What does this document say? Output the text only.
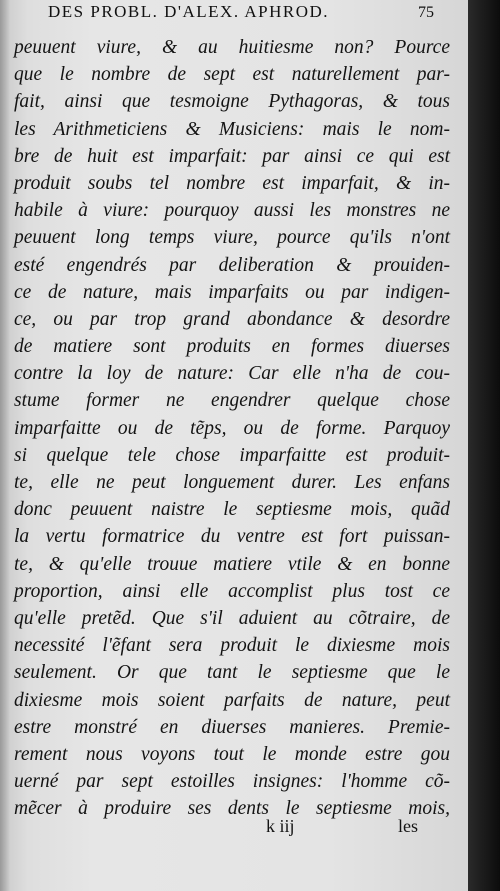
DES PROBL. D'ALEX. APHROD.	75
peuuent viure, & au huitiesme non? Pource
que le nombre de sept est naturellement par-
fait, ainsi que tesmoigne Pythagoras, & tous
les Arithmeticiens & Musiciens: mais le nom-
bre de huit est imparfait: par ainsi ce qui est
produit soubs tel nombre est imparfait, & in-
habile à viure: pourquoy aussi les monstres ne
peuuent long temps viure, pource qu'ils n'ont
esté engendrés par deliberation & prouiden-
ce de nature, mais imparfaits ou par indigen-
ce, ou par trop grand abondance & desordre
de matiere sont produits en formes diuerses
contre la loy de nature: Car elle n'ha de cou-
stume former ne engendrer quelque chose
imparfaitte ou de tẽps, ou de forme. Parquoy
si quelque tele chose imparfaitte est produit-
te, elle ne peut longuement durer. Les enfans
donc peuuent naistre le septiesme mois, quãd
la vertu formatrice du ventre est fort puissan-
te, & qu'elle trouue matiere vtile & en bonne
proportion, ainsi elle accomplist plus tost ce
qu'elle pretẽd. Que s'il aduient au cõtraire, de
necessité l'ẽfant sera produit le dixiesme mois
seulement. Or que tant le septiesme que le
dixiesme mois soient parfaits de nature, peut
estre monstré en diuerses manieres. Premie-
rement nous voyons tout le monde estre gou
uerné par sept estoilles insignes: l'homme cõ-
mẽcer à produire ses dents le septiesme mois,
k iij	les
